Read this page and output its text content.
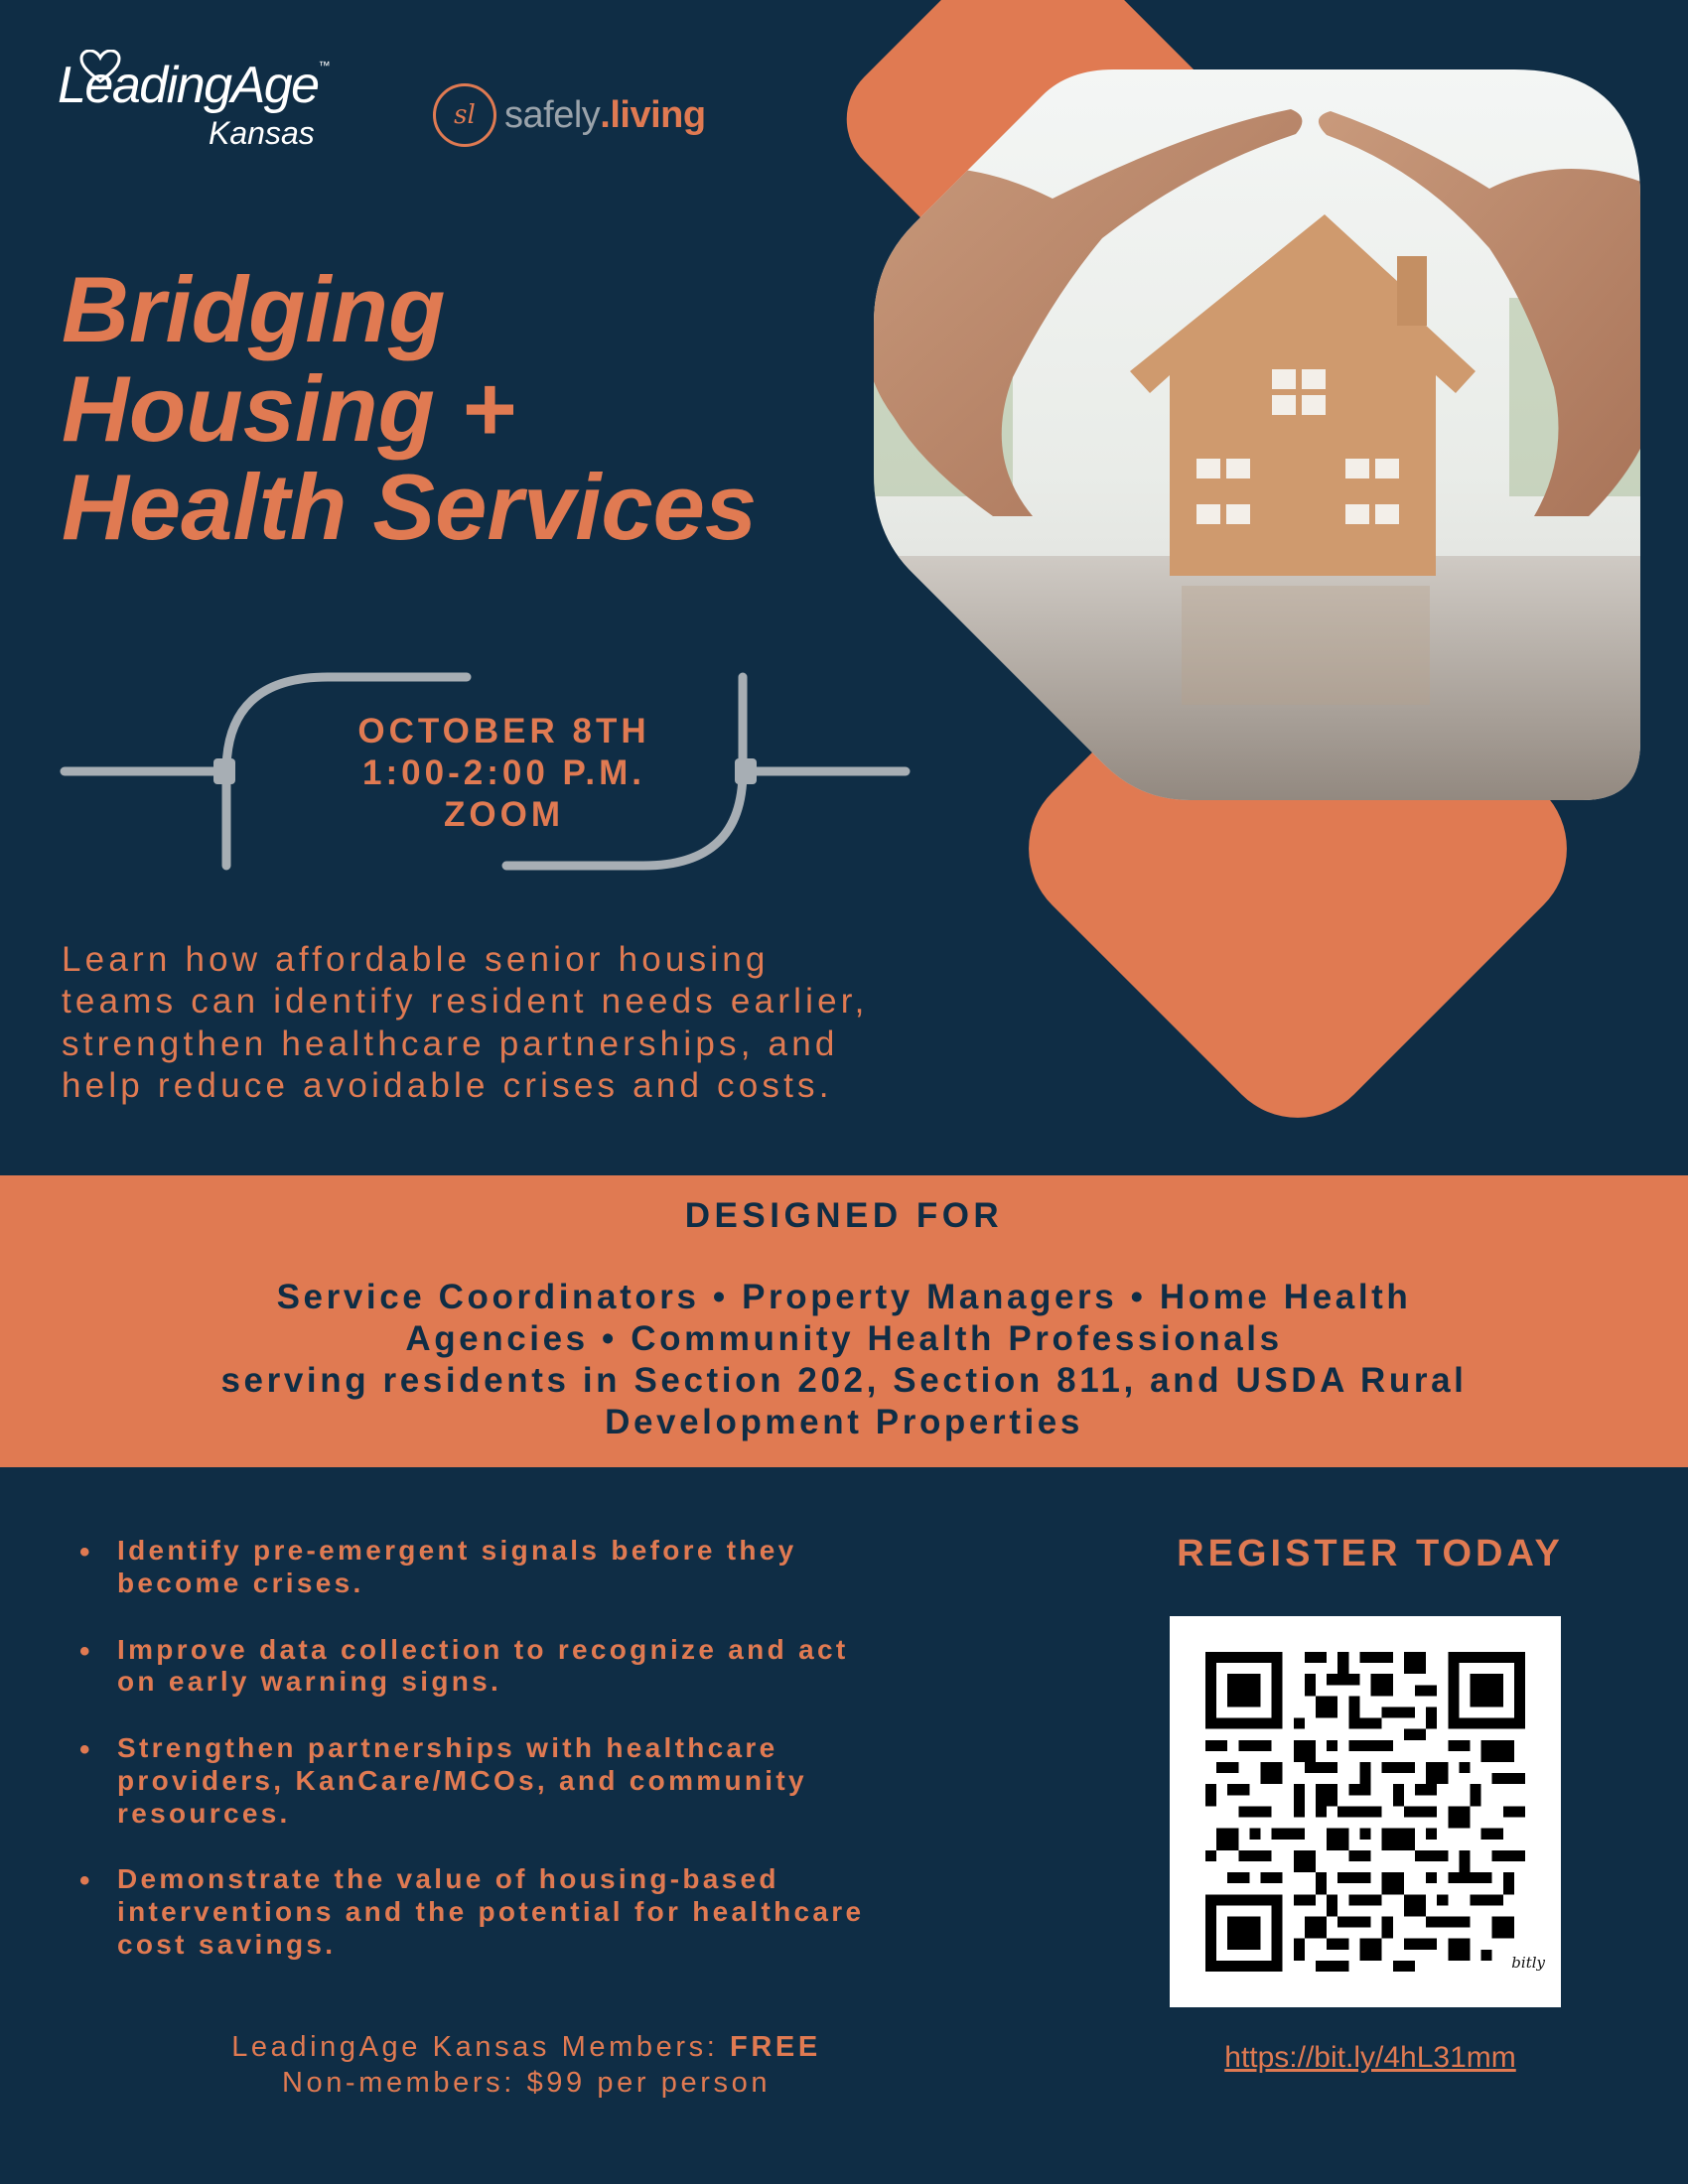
LeadingAge™
Kansas	sl safely.living
Bridging
Housing +
Health Services
OCTOBER 8TH
1:00-2:00 P.M.
ZOOM
Learn how affordable senior housing
teams can identify resident needs earlier,
strengthen healthcare partnerships, and
help reduce avoidable crises and costs.
DESIGNED FOR
Service Coordinators • Property Managers • Home Health
Agencies • Community Health Professionals
serving residents in Section 202, Section 811, and USDA Rural
Development Properties
• Identify pre-emergent signals before they
become crises.
• Improve data collection to recognize and act
on early warning signs.
• Strengthen partnerships with healthcare
providers, KanCare/MCOs, and community
resources.
• Demonstrate the value of housing-based
interventions and the potential for healthcare
cost savings.
LeadingAge Kansas Members: FREE
Non-members: $99 per person
REGISTER TODAY
bitly
https://bit.ly/4hL31mm
